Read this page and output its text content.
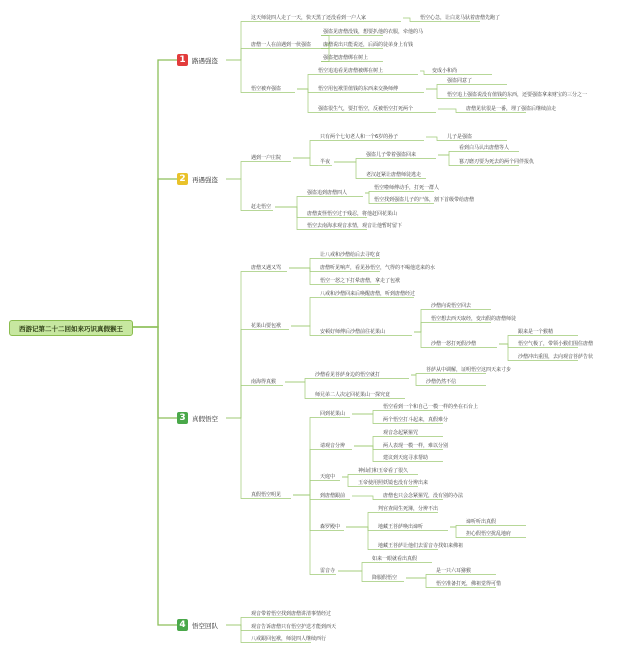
西游记第二十二回如来巧识真假猴王
1 路遇强盗
2 再遇强盗
3 真假悟空
4 悟空回队
这天师徒四人走了一天，快天黑了还没看到一户人家	悟空心急，让白龙马驮着唐僧先跑了
唐僧一人在前遇到一伙强盗
强盗见唐僧没钱，想要扒他的衣服，牵他的马
唐僧说出只能说还，后面的徒弟身上有钱
强盗把唐僧绑在树上
悟空被弃强盗
悟空追追看见唐僧被绑在树上	变成小和尚
悟空用包袱里值钱的东西来交换师傅
强盗同意了
悟空追上强盗说没有值钱的东西，还要强盗拿来财宝的三分之一
强盗很生气，要打悟空，反被悟空打死两个	唐僧见状很是一番，埋了强盗后继续前走
遇到一户庄院
只有两个七旬老人和一个6岁的孙子	儿子是强盗
半夜
强盗儿子带着强盗回来
看到白马认出唐僧等人
篡刀磨刃要为死去的两个同伴报仇
老汉赶紧让唐僧师徒逃走
赶走悟空
强盗追到唐僧四人
悟空啦师傅动手，打死一群人
悟空找到强盗儿子的尸体，割下首级带给唐僧
唐僧责怪悟空过于残忍，将他赶回花果山
悟空去南海求观音求情，观音让他暂时留下
唐僧又遇又骂
让八戒和沙僧给后去寻吃食
唐僧听见响声，看见孙悟空，气得的不喝他送来的水
悟空一怒之下打晕唐僧，拿走了包袱
花果山要包袱
八戒和沙僧回来后唤醒唐僧，听到唐僧经过
安顿好师傅后沙僧前往花果山
沙僧向说悟空回去
悟空想去西天取经，变出假的唐僧师徒
沙僧一怒打死假沙僧
跟来是一个猴精
悟空气极了，带领小猴们围住唐僧
沙僧冲出重围，去向观音菩萨告状
南海得真猴
沙僧看见菩萨身边的悟空就打
菩萨从中调解，证明悟空这四天来寸步
沙僧仍然不信
师兄弟二人决定回花果山一探究竟
真假悟空明见
回到花果山
悟空看到一个和自己一模一样的坐在石台上
两个悟空打斗起来，真假难分
请观音分辨
观音念起紧箍咒
两人表现一模一样，难以分别
建议到天庭寻求帮助
天庭中
神仙们和玉帝看了很久
玉帝使用照妖镜也没有分辨出来
到唐僧跟前	唐僧也只会念紧箍咒，没有别的办法
森罗殿中
判官查阅生死簿，分辨不出
地藏王菩萨唤出谛听
谛听听出真假
担心假悟空扰乱地府
地藏王菩萨让他们去雷音寺找如来佛祖
雷音寺
如来一眼就看出真假
降服假悟空
是一只六耳猕猴
悟空准备打死，佛祖觉得可惜
观音带着悟空找到唐僧讲清事情经过
观音告诉唐僧只有悟空护送才能到西天
八戒跟回包袱，师徒四人继续西行
